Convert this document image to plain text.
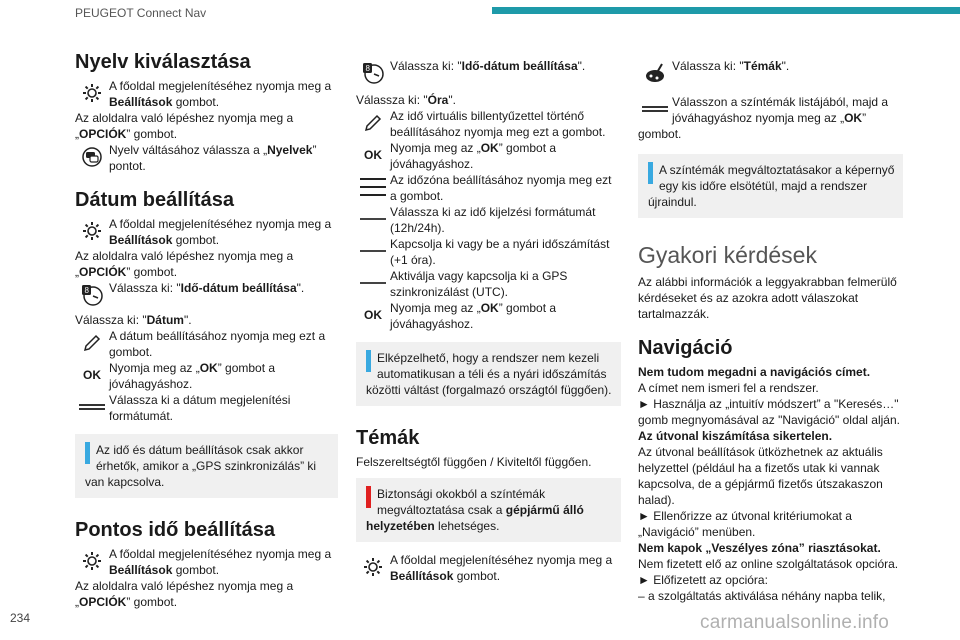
PEUGEOT Connect Nav
Nyelv kiválasztása
A főoldal megjelenítéséhez nyomja meg a
Beállítások gombot.

Az aloldalra való lépéshez nyomja meg a
„OPCIÓK” gombot.

Nyelv váltásához válassza a „Nyelvek” pontot.
Dátum beállítása
A főoldal megjelenítéséhez nyomja meg a
Beállítások gombot.

Az aloldalra való lépéshez nyomja meg a
„OPCIÓK” gombot.

8 Válassza ki: "Idő-dátum beállítása".

Válassza ki: "Dátum".

A dátum beállításához nyomja meg ezt a gombot.
OK Nyomja meg az „OK” gombot a jóváhagyáshoz.
Válassza ki a dátum megjelenítési formátumát.
Az idő és dátum beállítások csak akkor érhetők, amikor a „GPS szinkronizálás” ki van kapcsolva.
Pontos idő beállítása
A főoldal megjelenítéséhez nyomja meg a
Beállítások gombot.

Az aloldalra való lépéshez nyomja meg a
„OPCIÓK” gombot.

8 Válassza ki: "Idő-dátum beállítása".

Válassza ki: "Óra".

Az idő virtuális billentyűzettel történő beállításához nyomja meg ezt a gombot.
OK Nyomja meg az „OK” gombot a jóváhagyáshoz.
Az időzóna beállításához nyomja meg ezt a gombot.
Válassza ki az idő kijelzési formátumát (12h/24h).
Kapcsolja ki vagy be a nyári időszámítást (+1 óra).
Aktiválja vagy kapcsolja ki a GPS szinkronizálást (UTC).
OK Nyomja meg az „OK” gombot a jóváhagyáshoz.
Elképzelhető, hogy a rendszer nem kezeli automatikusan a téli és a nyári időszámítás közötti váltást (forgalmazó országtól függően).
Témák

Felszereltségtől függően / Kiviteltől függően.

Biztonsági okokból a színtémák megváltoztatása csak a gépjármű álló helyzetében lehetséges.
A főoldal megjelenítéséhez nyomja meg a
Beállítások gombot.
Válassza ki: "Témák".
Válasszon a színtémák listájából, majd a jóváhagyáshoz nyomja meg az „OK”

gombot.

A színtémák megváltoztatásakor a képernyő egy kis időre elsötétül, majd a rendszer újraindul.
Gyakori kérdések

Az alábbi információk a leggyakrabban felmerülő kérdéseket és az azokra adott válaszokat tartalmazzák.

Navigáció

Nem tudom megadni a navigációs címet.

A címet nem ismeri fel a rendszer.

► Használja az „intuitív módszert” a "Keresés…" gomb megnyomásával az "Navigáció" oldal alján.

Az útvonal kiszámítása sikertelen.

Az útvonal beállítások ütközhetnek az aktuális helyzettel (például ha a fizetős utak ki vannak kapcsolva, de a gépjármű fizetős útszakaszon halad).

► Ellenőrizze az útvonal kritériumokat a „Navigáció” menüben.

Nem kapok „Veszélyes zóna” riasztásokat.

Nem fizetett elő az online szolgáltatások opcióra.

► Előfizetett az opcióra:

– a szolgáltatás aktiválása néhány napba telik,

234	carmanualsonline.info
